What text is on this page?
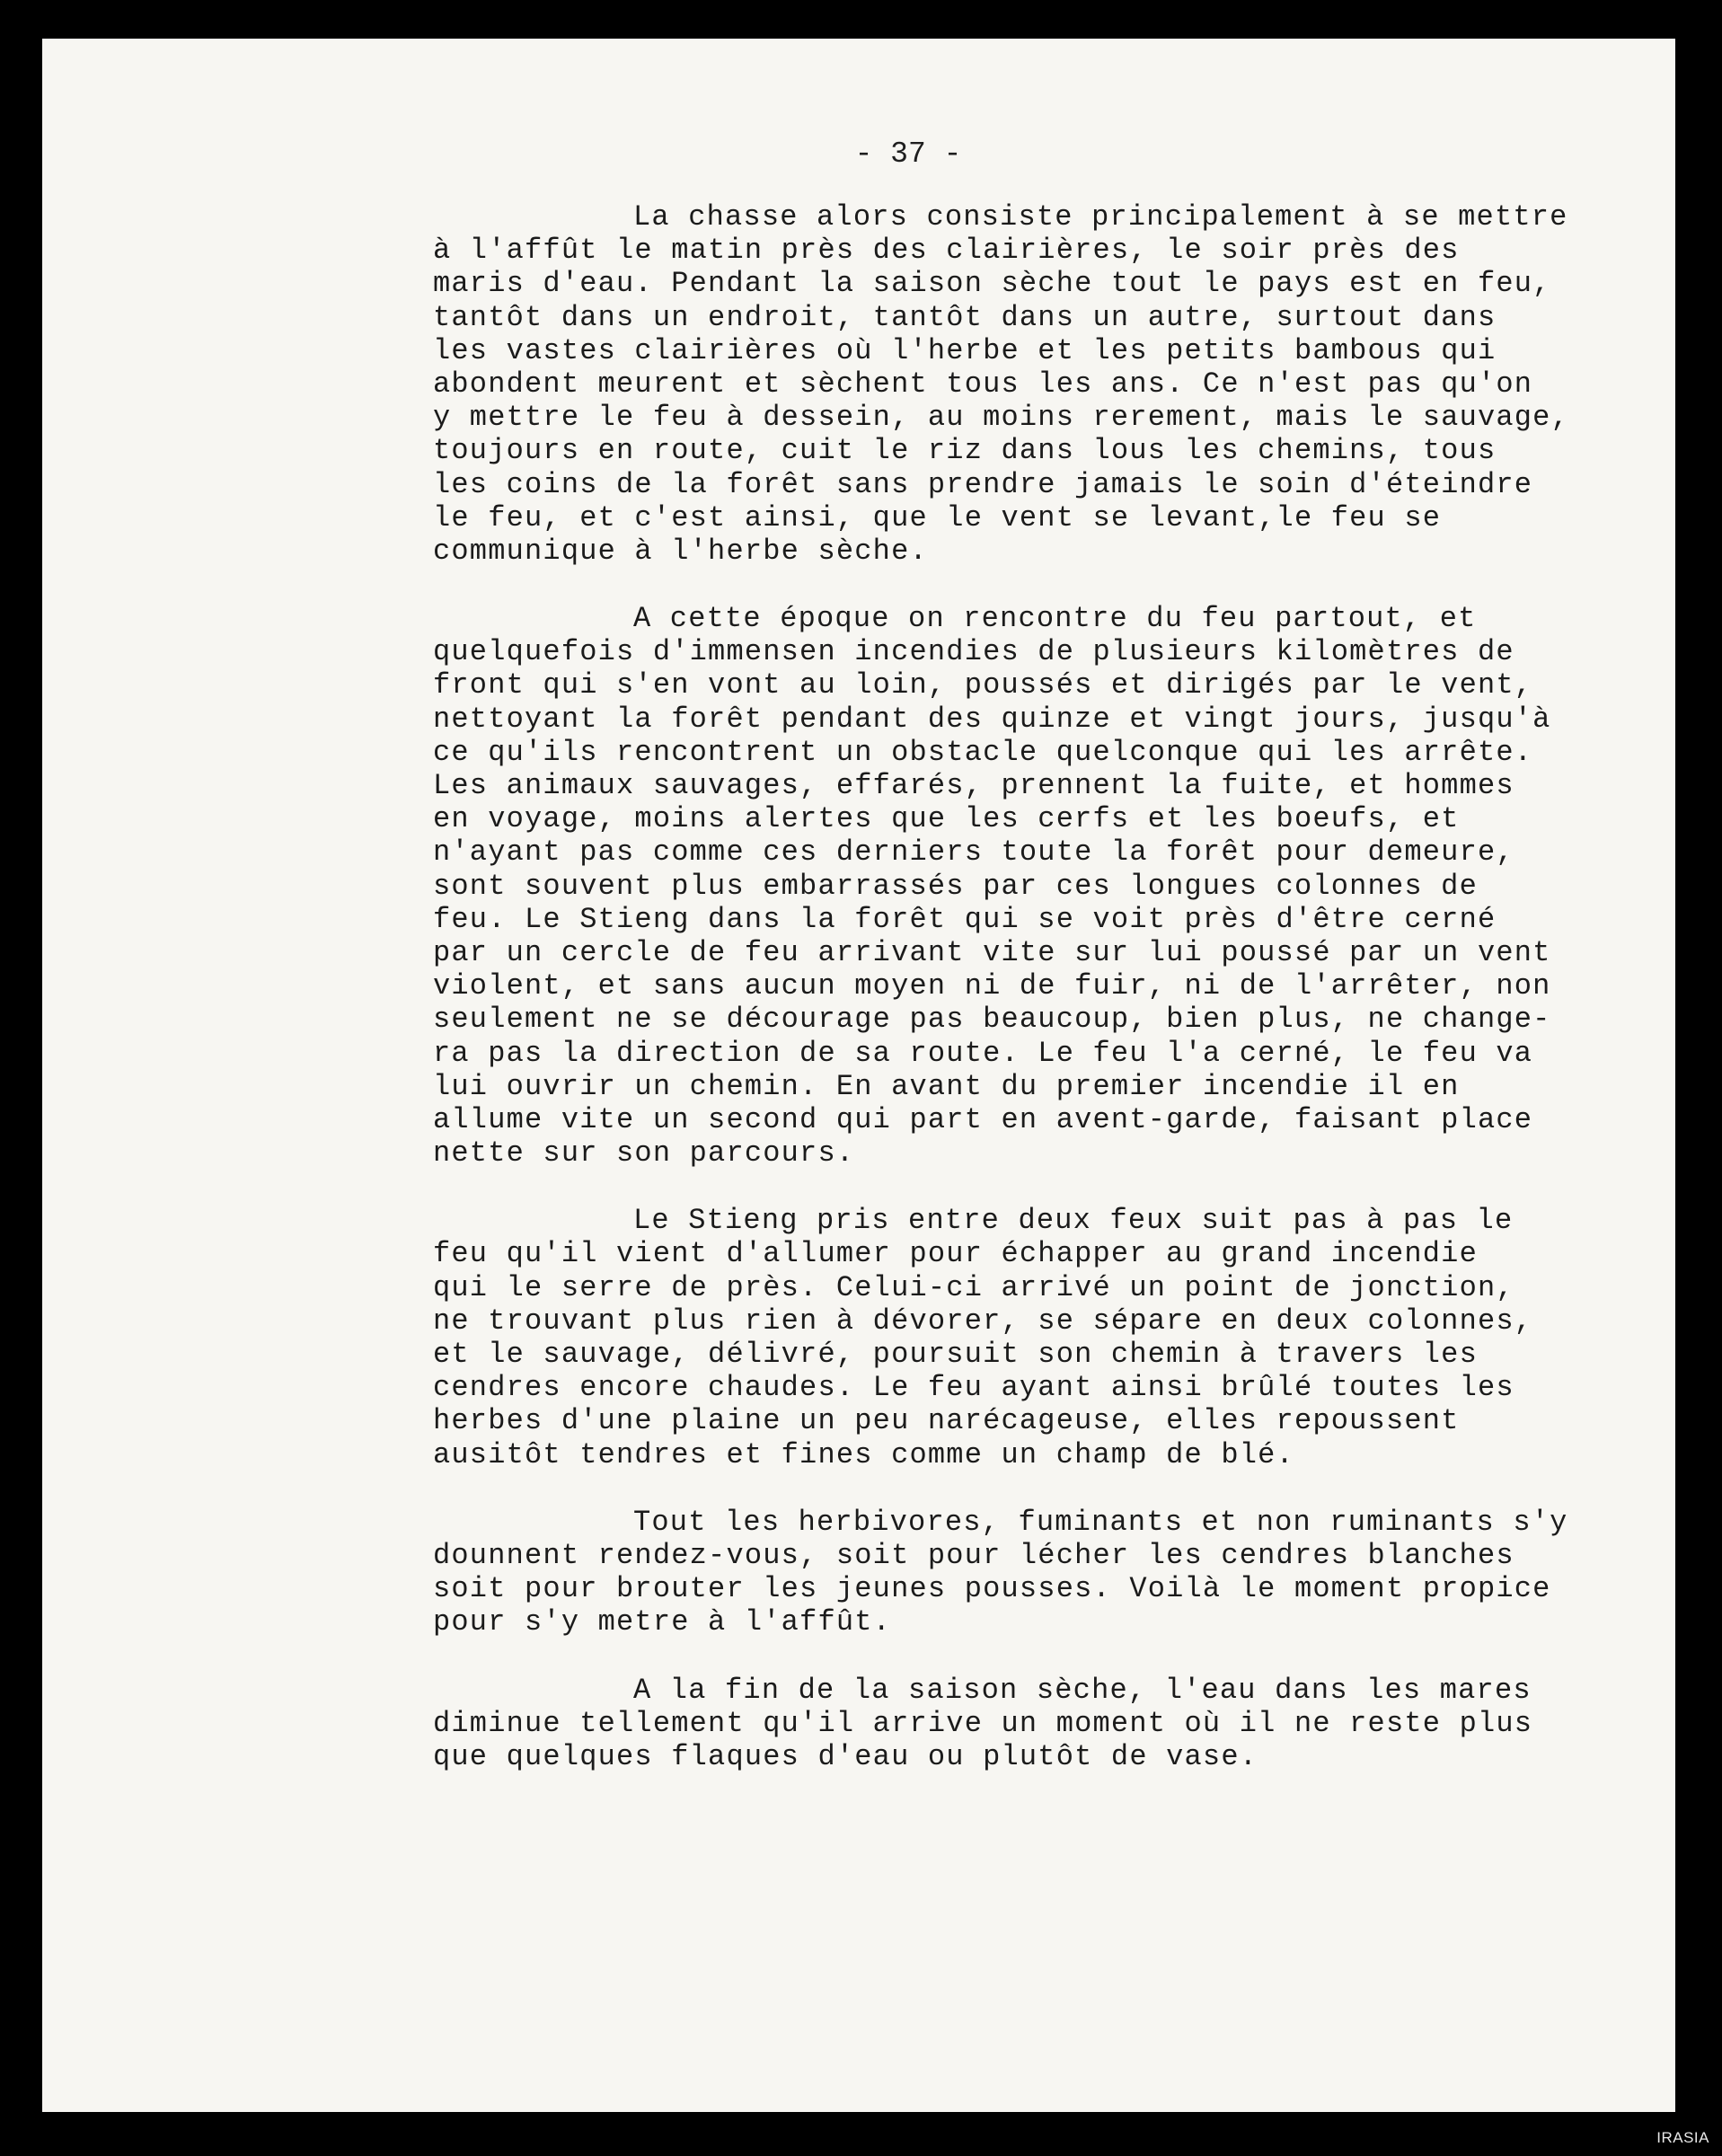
- 37 -
La chasse alors consiste principalement à se mettre
à l'affût le matin près des clairières, le soir près des
maris d'eau. Pendant la saison sèche tout le pays est en feu,
tantôt dans un endroit, tantôt dans un autre, surtout dans
les vastes clairières où l'herbe et les petits bambous qui
abondent meurent et sèchent tous les ans. Ce n'est pas qu'on
y mettre le feu à dessein, au moins rerement, mais le sauvage,
toujours en route, cuit le riz dans lous les chemins, tous
les coins de la forêt sans prendre jamais le soin d'éteindre
le feu, et c'est ainsi, que le vent se levant,le feu se
communique à l'herbe sèche.
A cette époque on rencontre du feu partout, et
quelquefois d'immensen incendies de plusieurs kilomètres de
front qui s'en vont au loin, poussés et dirigés par le vent,
nettoyant la forêt pendant des quinze et vingt jours, jusqu'à
ce qu'ils rencontrent un obstacle quelconque qui les arrête.
Les animaux sauvages, effarés, prennent la fuite, et hommes
en voyage, moins alertes que les cerfs et les boeufs, et
n'ayant pas comme ces derniers toute la forêt pour demeure,
sont souvent plus embarrassés par ces longues colonnes de
feu. Le Stieng dans la forêt qui se voit près d'être cerné
par un cercle de feu arrivant vite sur lui poussé par un vent
violent, et sans aucun moyen ni de fuir, ni de l'arrêter, non
seulement ne se décourage pas beaucoup, bien plus, ne change-
ra pas la direction de sa route. Le feu l'a cerné, le feu va
lui ouvrir un chemin. En avant du premier incendie il en
allume vite un second qui part en avent-garde, faisant place
nette sur son parcours.
Le Stieng pris entre deux feux suit pas à pas le
feu qu'il vient d'allumer pour échapper au grand incendie
qui le serre de près. Celui-ci arrivé un point de jonction,
ne trouvant plus rien à dévorer, se sépare en deux colonnes,
et le sauvage, délivré, poursuit son chemin à travers les
cendres encore chaudes. Le feu ayant ainsi brûlé toutes les
herbes d'une plaine un peu narécageuse, elles repoussent
ausitôt tendres et fines comme un champ de blé.
Tout les herbivores, fuminants et non ruminants s'y
dounnent rendez-vous, soit pour lécher les cendres blanches
soit pour brouter les jeunes pousses. Voilà le moment propice
pour s'y metre à l'affût.
A la fin de la saison sèche, l'eau dans les mares
diminue tellement qu'il arrive un moment où il ne reste plus
que quelques flaques d'eau ou plutôt de vase.
IRASIA
